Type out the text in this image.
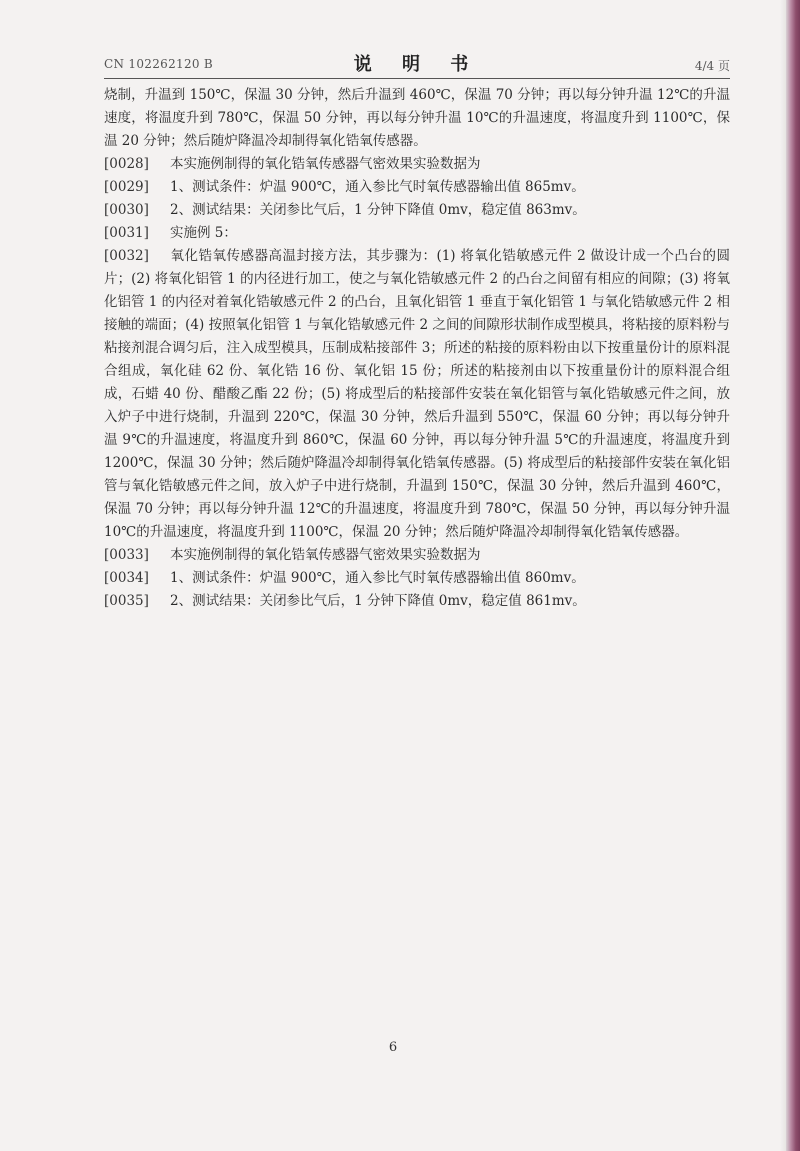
CN 102262120 B	说 明 书	4/4 页

烧制，升温到 150℃，保温 30 分钟，然后升温到 460℃，保温 70 分钟；再以每分钟升温 12℃的升温速度，将温度升到 780℃，保温 50 分钟，再以每分钟升温 10℃的升温速度，将温度升到 1100℃，保温 20 分钟；然后随炉降温冷却制得氧化锆氧传感器。

[0028] 本实施例制得的氧化锆氧传感器气密效果实验数据为

[0029] 1、测试条件：炉温 900℃，通入参比气时氧传感器输出值 865mv。

[0030] 2、测试结果：关闭参比气后，1 分钟下降值 0mv，稳定值 863mv。

[0031] 实施例 5：

[0032] 氧化锆氧传感器高温封接方法，其步骤为：(1) 将氧化锆敏感元件 2 做设计成一个凸台的圆片；(2) 将氧化铝管 1 的内径进行加工，使之与氧化锆敏感元件 2 的凸台之间留有相应的间隙；(3) 将氧化铝管 1 的内径对着氧化锆敏感元件 2 的凸台，且氧化铝管 1 垂直于氧化铝管 1 与氧化锆敏感元件 2 相接触的端面；(4) 按照氧化铝管 1 与氧化锆敏感元件 2 之间的间隙形状制作成型模具，将粘接的原料粉与粘接剂混合调匀后，注入成型模具，压制成粘接部件 3；所述的粘接的原料粉由以下按重量份计的原料混合组成，氧化硅 62 份、氧化锆 16 份、氧化铝 15 份；所述的粘接剂由以下按重量份计的原料混合组成，石蜡 40 份、醋酸乙酯 22 份；(5) 将成型后的粘接部件安装在氧化铝管与氧化锆敏感元件之间，放入炉子中进行烧制，升温到 220℃，保温 30 分钟，然后升温到 550℃，保温 60 分钟；再以每分钟升温 9℃的升温速度，将温度升到 860℃，保温 60 分钟，再以每分钟升温 5℃的升温速度，将温度升到 1200℃，保温 30 分钟；然后随炉降温冷却制得氧化锆氧传感器。(5) 将成型后的粘接部件安装在氧化铝管与氧化锆敏感元件之间，放入炉子中进行烧制，升温到 150℃，保温 30 分钟，然后升温到 460℃，保温 70 分钟；再以每分钟升温 12℃的升温速度，将温度升到 780℃，保温 50 分钟，再以每分钟升温 10℃的升温速度，将温度升到 1100℃，保温 20 分钟；然后随炉降温冷却制得氧化锆氧传感器。

[0033] 本实施例制得的氧化锆氧传感器气密效果实验数据为

[0034] 1、测试条件：炉温 900℃，通入参比气时氧传感器输出值 860mv。

[0035] 2、测试结果：关闭参比气后，1 分钟下降值 0mv，稳定值 861mv。

6
